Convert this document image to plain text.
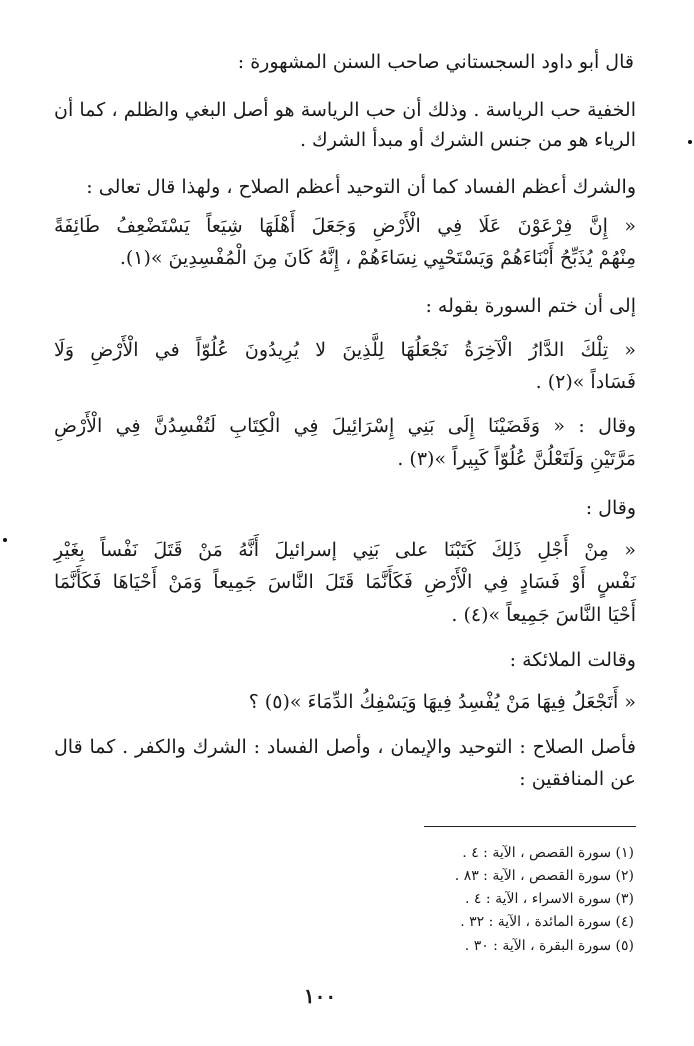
قال أبو داود السجستاني صاحب السنن المشهورة :
الخفية حب الرياسة . وذلك أن حب الرياسة هو أصل البغي والظلم ، كما أن
الرياء هو من جنس الشرك أو مبدأ الشرك .
والشرك أعظم الفساد كما أن التوحيد أعظم الصلاح ، ولهذا قال تعالى :
« إِنَّ فِرْعَوْنَ عَلَا فِي الْأَرْضِ وَجَعَلَ أَهْلَهَا شِيَعاً يَسْتَضْعِفُ طَائِفَةً
مِنْهُمْ يُذَبِّحُ أَبْنَاءَهُمْ وَيَسْتَحْيِي نِسَاءَهُمْ ، إِنَّهُ كَانَ مِنَ الْمُفْسِدِينَ »(١).
إلى أن ختم السورة بقوله :
« تِلْكَ الدَّارُ الْآخِرَةُ نَجْعَلُهَا لِلَّذِينَ لا يُرِيدُونَ عُلُوّاً في الْأَرْضِ وَلَا
فَسَاداً »(٢) .
وقال : « وَقَضَيْنَا إِلَى بَنِي إِسْرَائِيلَ فِي الْكِتَابِ لَتُفْسِدُنَّ فِي الْأَرْضِ
مَرَّتَيْنِ وَلَتَعْلُنَّ عُلُوّاً كَبِيراً »(٣) .
وقال :
« مِنْ أَجْلِ ذَلِكَ كَتَبْنَا على بَنِي إسرائيلَ أَنَّهُ مَنْ قَتَلَ نَفْساً بِغَيْرِ
نَفْسٍ أَوْ فَسَادٍ فِي الْأَرْضِ فَكَأَنَّمَا قَتَلَ النَّاسَ جَمِيعاً وَمَنْ أَحْيَاهَا فَكَأَنَّمَا
أَحْيَا النَّاسَ جَمِيعاً »(٤) .
وقالت الملائكة :
« أَتَجْعَلُ فِيهَا مَنْ يُفْسِدُ فِيهَا وَيَسْفِكُ الدِّمَاءَ »(٥) ؟
فأصل الصلاح : التوحيد والإيمان ، وأصل الفساد : الشرك والكفر . كما قال
عن المنافقين :
(١) سورة القصص ، الآية : ٤ .
(٢) سورة القصص ، الآية : ٨٣ .
(٣) سورة الاسراء ، الآية : ٤ .
(٤) سورة المائدة ، الآية : ٣٢ .
(٥) سورة البقرة ، الآية : ٣٠ .
١٠٠
